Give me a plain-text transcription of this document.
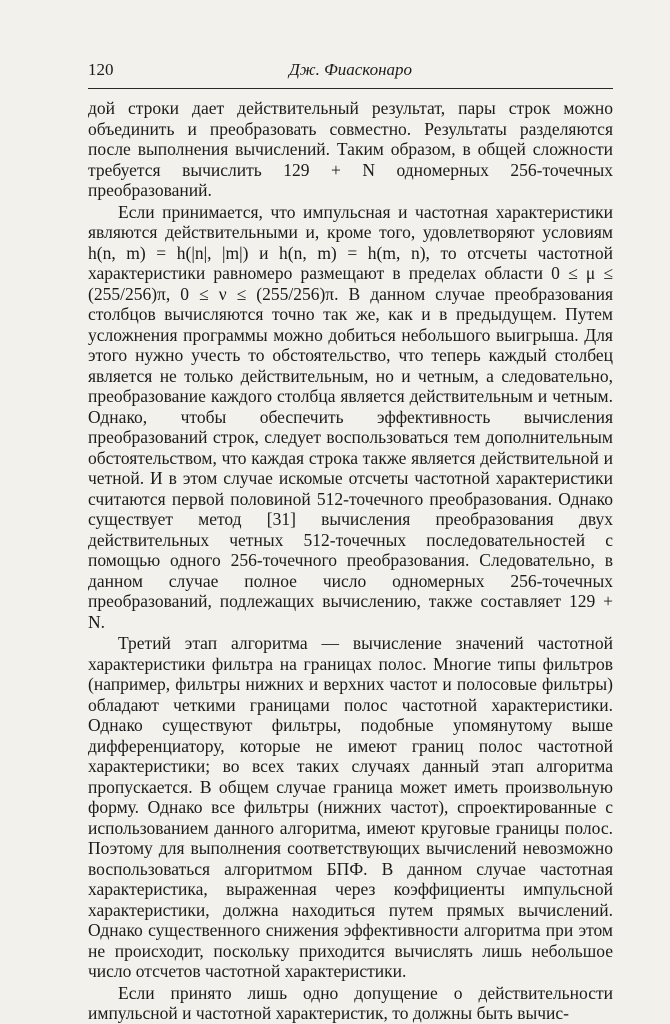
120	Дж. Фиасконаро

дой строки дает действительный результат, пары строк можно объединить и преобразовать совместно. Результаты разделяются после выполнения вычислений. Таким образом, в общей сложности требуется вычислить 129 + N одномерных 256-точечных преобразований.

Если принимается, что импульсная и частотная характеристики являются действительными и, кроме того, удовлетворяют условиям h(n, m) = h(|n|, |m|) и h(n, m) = h(m, n), то отсчеты частотной характеристики равномеро размещают в пределах области 0 ≤ μ ≤ (255/256)π, 0 ≤ ν ≤ (255/256)π. В данном случае преобразования столбцов вычисляются точно так же, как и в предыдущем. Путем усложнения программы можно добиться небольшого выигрыша. Для этого нужно учесть то обстоятельство, что теперь каждый столбец является не только действительным, но и четным, а следовательно, преобразование каждого столбца является действительным и четным. Однако, чтобы обеспечить эффективность вычисления преобразований строк, следует воспользоваться тем дополнительным обстоятельством, что каждая строка также является действительной и четной. И в этом случае искомые отсчеты частотной характеристики считаются первой половиной 512-точечного преобразования. Однако существует метод [31] вычисления преобразования двух действительных четных 512-точечных последовательностей с помощью одного 256-точечного преобразования. Следовательно, в данном случае полное число одномерных 256-точечных преобразований, подлежащих вычислению, также составляет 129 + N.

Третий этап алгоритма — вычисление значений частотной характеристики фильтра на границах полос. Многие типы фильтров (например, фильтры нижних и верхних частот и полосовые фильтры) обладают четкими границами полос частотной характеристики. Однако существуют фильтры, подобные упомянутому выше дифференциатору, которые не имеют границ полос частотной характеристики; во всех таких случаях данный этап алгоритма пропускается. В общем случае граница может иметь произвольную форму. Однако все фильтры (нижних частот), спроектированные с использованием данного алгоритма, имеют круговые границы полос. Поэтому для выполнения соответствующих вычислений невозможно воспользоваться алгоритмом БПФ. В данном случае частотная характеристика, выраженная через коэффициенты импульсной характеристики, должна находиться путем прямых вычислений. Однако существенного снижения эффективности алгоритма при этом не происходит, поскольку приходится вычислять лишь небольшое число отсчетов частотной характеристики.

Если принято лишь одно допущение о действительности импульсной и частотной характеристик, то должны быть вычис-
